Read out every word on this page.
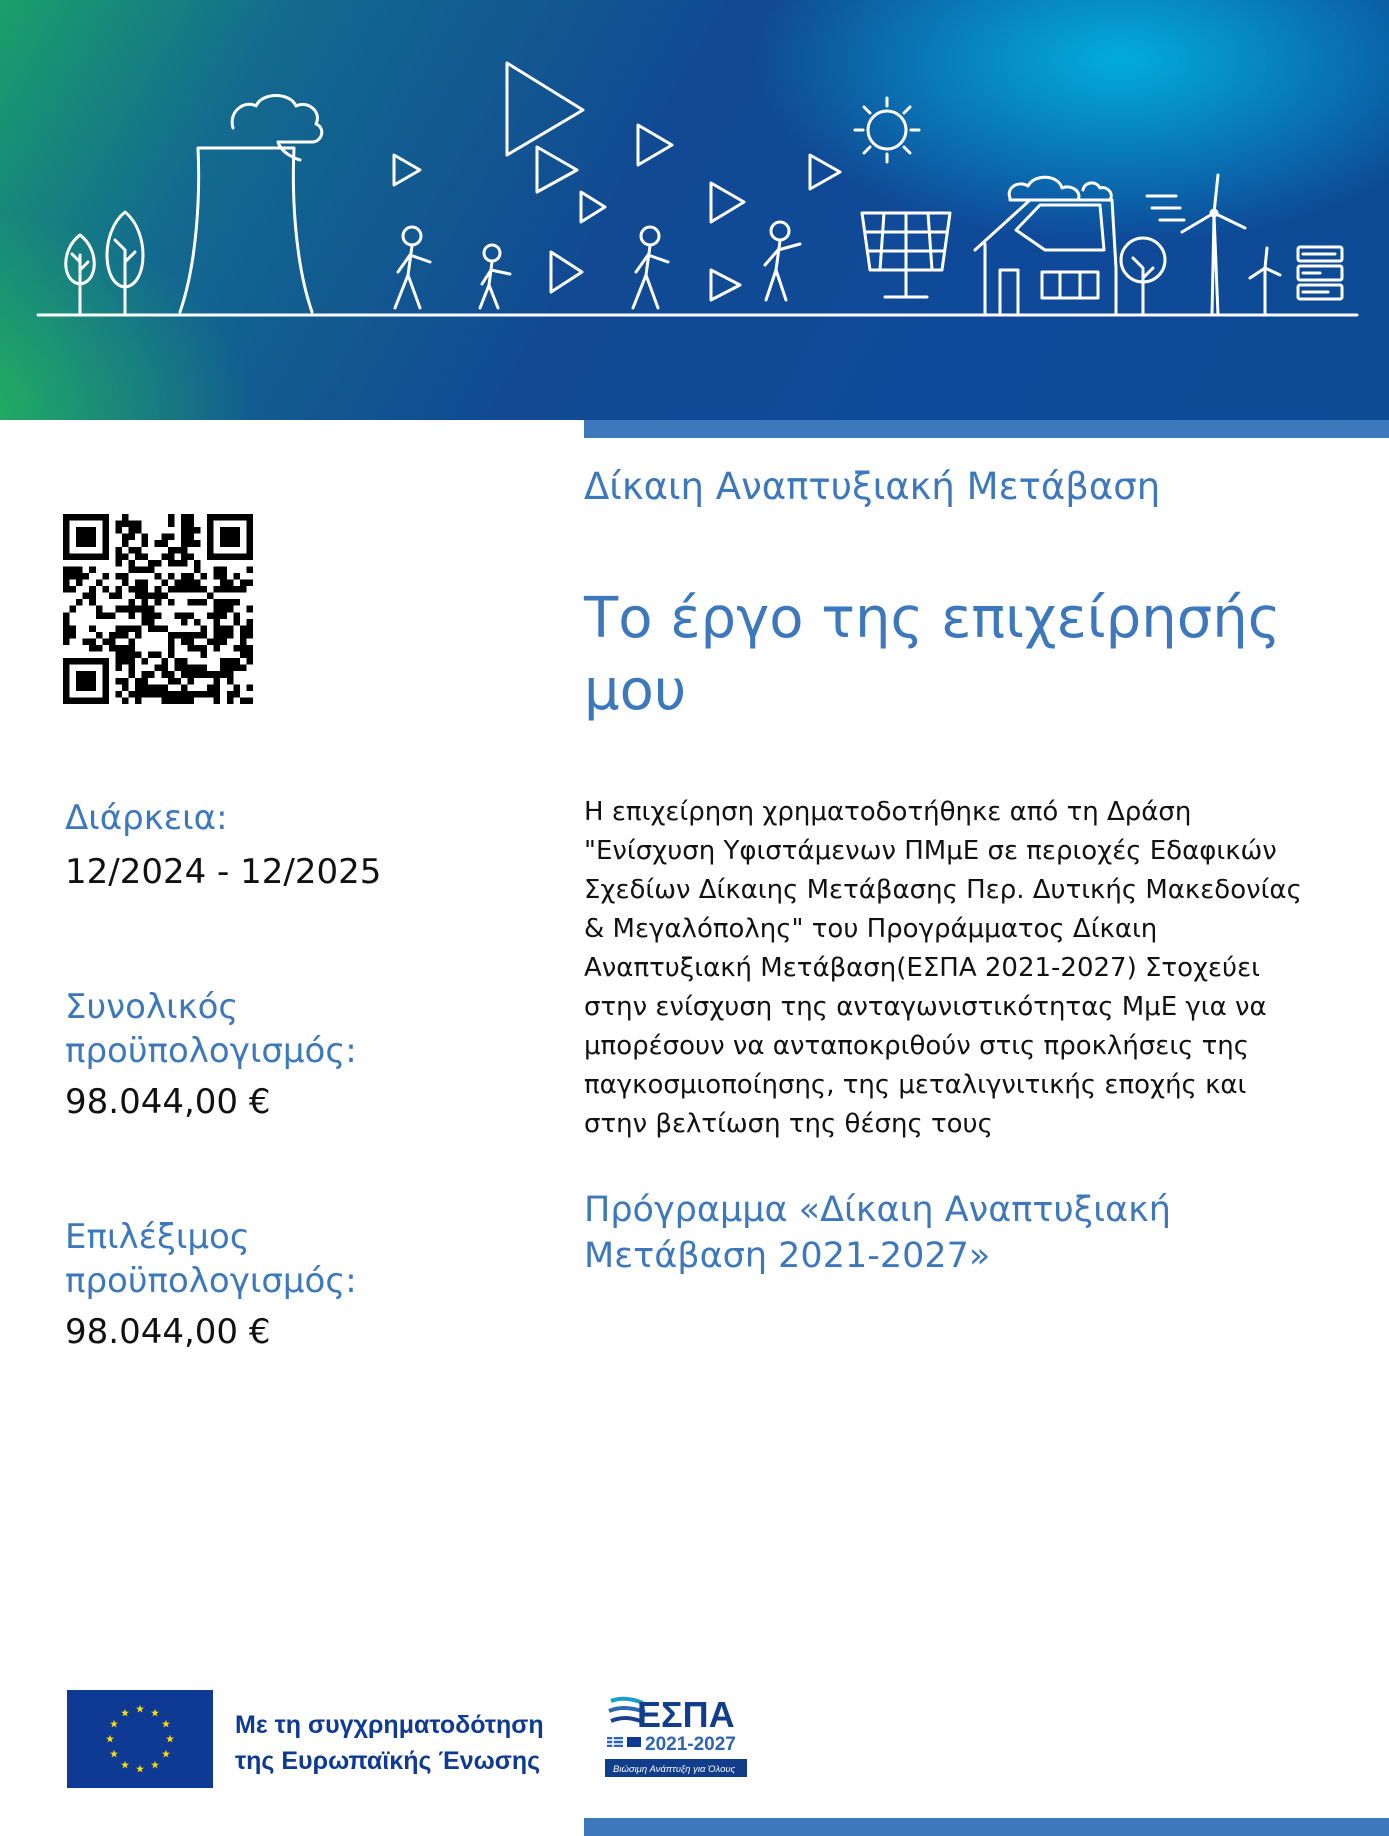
Διάρκεια:
12/2024 - 12/2025
Συνολικός
προϋπολογισμός:
98.044,00 €
Επιλέξιμος
προϋπολογισμός:
98.044,00 €
Δίκαιη Αναπτυξιακή Μετάβαση
Το έργο της επιχείρησής
μου
Η επιχείρηση χρηματοδοτήθηκε από τη Δράση
"Ενίσχυση Υφιστάμενων ΠΜμΕ σε περιοχές Εδαφικών
Σχεδίων Δίκαιης Μετάβασης Περ. Δυτικής Μακεδονίας
& Μεγαλόπολης" του Προγράμματος Δίκαιη
Αναπτυξιακή Μετάβαση(ΕΣΠΑ 2021-2027) Στοχεύει
στην ενίσχυση της ανταγωνιστικότητας ΜμΕ για να
μπορέσουν να ανταποκριθούν στις προκλήσεις της
παγκοσμιοποίησης, της μεταλιγνιτικής εποχής και
στην βελτίωση της θέσης τους
Πρόγραμμα «Δίκαιη Αναπτυξιακή
Μετάβαση 2021-2027»
Με τη συγχρηματοδότηση
της Ευρωπαϊκής Ένωσης
ΕΣΠΑ
2021-2027
Βιώσιμη Ανάπτυξη για Όλους
